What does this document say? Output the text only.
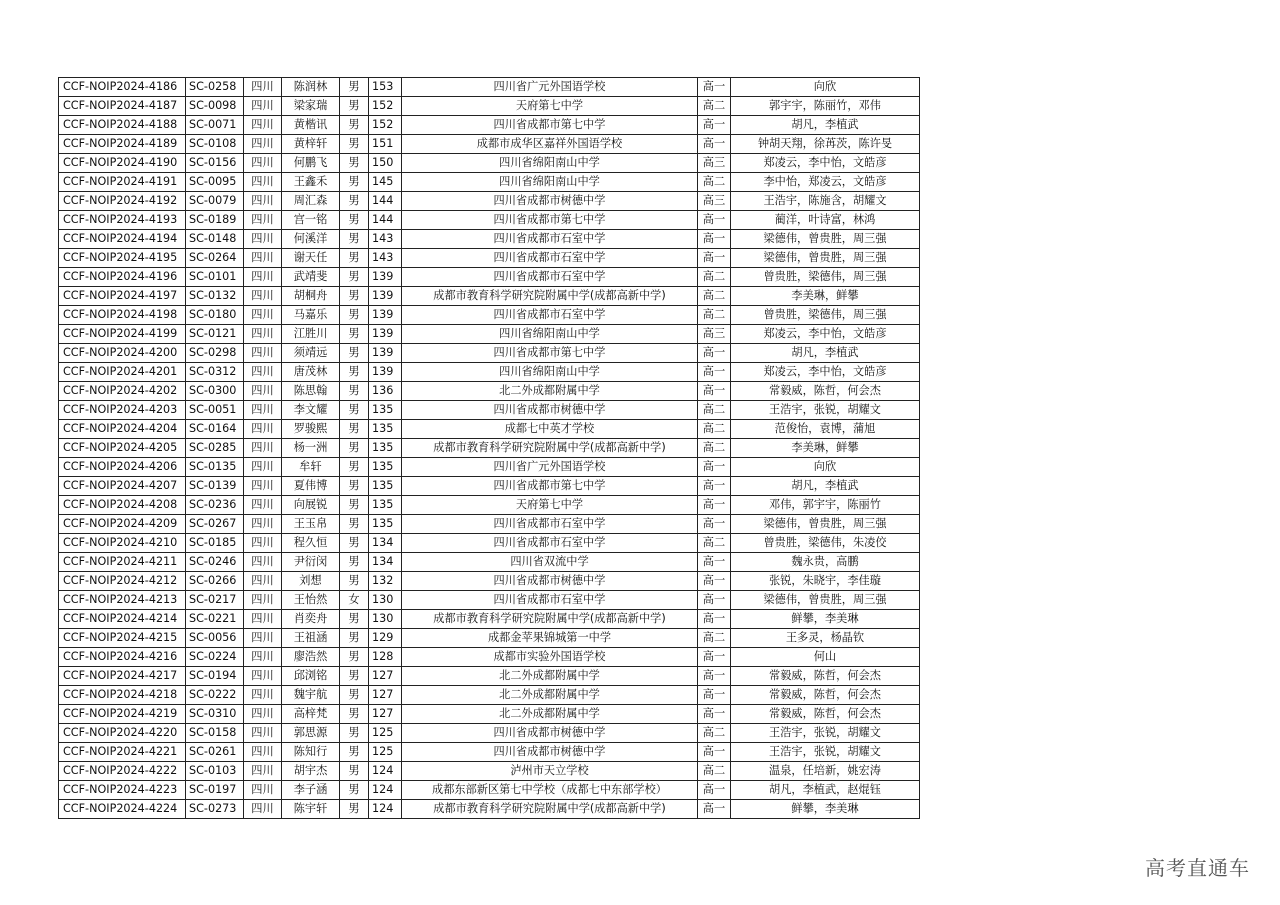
CCF-NOIP2024-4186	SC-0258	四川	陈润林	男	153	四川省广元外国语学校	高一	向欣
CCF-NOIP2024-4187	SC-0098	四川	梁家瑞	男	152	天府第七中学	高二	郭宇宇，陈丽竹，邓伟
CCF-NOIP2024-4188	SC-0071	四川	黄楷讯	男	152	四川省成都市第七中学	高一	胡凡，李植武
CCF-NOIP2024-4189	SC-0108	四川	黄梓轩	男	151	成都市成华区嘉祥外国语学校	高一	钟胡天翔，徐苒茨，陈许旻
CCF-NOIP2024-4190	SC-0156	四川	何鹏飞	男	150	四川省绵阳南山中学	高三	郑凌云，李中怡，文皓彦
CCF-NOIP2024-4191	SC-0095	四川	王鑫禾	男	145	四川省绵阳南山中学	高二	李中怡，郑凌云，文皓彦
CCF-NOIP2024-4192	SC-0079	四川	周汇森	男	144	四川省成都市树德中学	高三	王浩宇，陈施含，胡耀文
CCF-NOIP2024-4193	SC-0189	四川	宫一铭	男	144	四川省成都市第七中学	高一	蔺洋，叶诗富，林鸿
CCF-NOIP2024-4194	SC-0148	四川	何溪洋	男	143	四川省成都市石室中学	高一	梁德伟，曾贵胜，周三强
CCF-NOIP2024-4195	SC-0264	四川	谢天任	男	143	四川省成都市石室中学	高一	梁德伟，曾贵胜，周三强
CCF-NOIP2024-4196	SC-0101	四川	武靖斐	男	139	四川省成都市石室中学	高二	曾贵胜，梁德伟，周三强
CCF-NOIP2024-4197	SC-0132	四川	胡桐舟	男	139	成都市教育科学研究院附属中学(成都高新中学)	高二	李美琳，鲜攀
CCF-NOIP2024-4198	SC-0180	四川	马嘉乐	男	139	四川省成都市石室中学	高二	曾贵胜，梁德伟，周三强
CCF-NOIP2024-4199	SC-0121	四川	江胜川	男	139	四川省绵阳南山中学	高三	郑凌云，李中怡，文皓彦
CCF-NOIP2024-4200	SC-0298	四川	须靖远	男	139	四川省成都市第七中学	高一	胡凡，李植武
CCF-NOIP2024-4201	SC-0312	四川	唐茂林	男	139	四川省绵阳南山中学	高一	郑凌云，李中怡，文皓彦
CCF-NOIP2024-4202	SC-0300	四川	陈思翰	男	136	北二外成都附属中学	高一	常毅威，陈哲，何会杰
CCF-NOIP2024-4203	SC-0051	四川	李文耀	男	135	四川省成都市树德中学	高二	王浩宇，张锐，胡耀文
CCF-NOIP2024-4204	SC-0164	四川	罗骏熙	男	135	成都七中英才学校	高二	范俊怡，袁博，蒲旭
CCF-NOIP2024-4205	SC-0285	四川	杨一洲	男	135	成都市教育科学研究院附属中学(成都高新中学)	高二	李美琳，鲜攀
CCF-NOIP2024-4206	SC-0135	四川	牟轩	男	135	四川省广元外国语学校	高一	向欣
CCF-NOIP2024-4207	SC-0139	四川	夏伟博	男	135	四川省成都市第七中学	高一	胡凡，李植武
CCF-NOIP2024-4208	SC-0236	四川	向展锐	男	135	天府第七中学	高一	邓伟，郭宇宇，陈丽竹
CCF-NOIP2024-4209	SC-0267	四川	王玉帛	男	135	四川省成都市石室中学	高一	梁德伟，曾贵胜，周三强
CCF-NOIP2024-4210	SC-0185	四川	程久恒	男	134	四川省成都市石室中学	高二	曾贵胜，梁德伟，朱凌佼
CCF-NOIP2024-4211	SC-0246	四川	尹衍闵	男	134	四川省双流中学	高一	魏永贵，高鹏
CCF-NOIP2024-4212	SC-0266	四川	刘想	男	132	四川省成都市树德中学	高一	张锐，朱晓宇，李佳璇
CCF-NOIP2024-4213	SC-0217	四川	王怡然	女	130	四川省成都市石室中学	高一	梁德伟，曾贵胜，周三强
CCF-NOIP2024-4214	SC-0221	四川	肖奕舟	男	130	成都市教育科学研究院附属中学(成都高新中学)	高一	鲜攀，李美琳
CCF-NOIP2024-4215	SC-0056	四川	王祖涵	男	129	成都金苹果锦城第一中学	高二	王多灵，杨晶钦
CCF-NOIP2024-4216	SC-0224	四川	廖浩然	男	128	成都市实验外国语学校	高一	何山
CCF-NOIP2024-4217	SC-0194	四川	邱浏铭	男	127	北二外成都附属中学	高一	常毅威，陈哲，何会杰
CCF-NOIP2024-4218	SC-0222	四川	魏宇航	男	127	北二外成都附属中学	高一	常毅威，陈哲，何会杰
CCF-NOIP2024-4219	SC-0310	四川	高梓梵	男	127	北二外成都附属中学	高一	常毅威，陈哲，何会杰
CCF-NOIP2024-4220	SC-0158	四川	郭思源	男	125	四川省成都市树德中学	高二	王浩宇，张锐，胡耀文
CCF-NOIP2024-4221	SC-0261	四川	陈知行	男	125	四川省成都市树德中学	高一	王浩宇，张锐，胡耀文
CCF-NOIP2024-4222	SC-0103	四川	胡宇杰	男	124	泸州市天立学校	高二	温泉，任培新，姚宏涛
CCF-NOIP2024-4223	SC-0197	四川	李子涵	男	124	成都东部新区第七中学校（成都七中东部学校）	高一	胡凡，李植武，赵焜钰
CCF-NOIP2024-4224	SC-0273	四川	陈宇轩	男	124	成都市教育科学研究院附属中学(成都高新中学)	高一	鲜攀，李美琳
高考直通车
